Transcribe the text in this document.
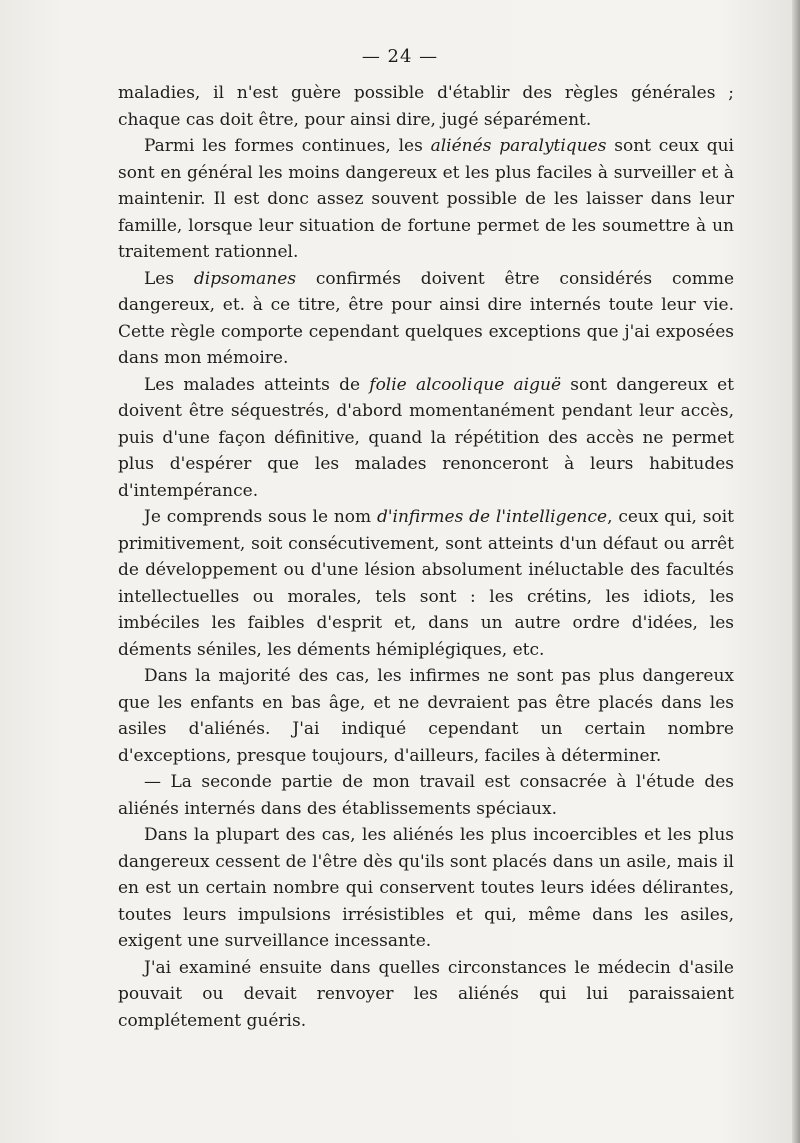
— 24 —

maladies, il n'est guère possible d'établir des règles générales ; chaque cas doit être, pour ainsi dire, jugé séparément.

Parmi les formes continues, les aliénés paralytiques sont ceux qui sont en général les moins dangereux et les plus faciles à surveiller et à maintenir. Il est donc assez souvent possible de les laisser dans leur famille, lorsque leur situation de fortune permet de les soumettre à un traitement rationnel.

Les dipsomanes confirmés doivent être considérés comme dangereux, et. à ce titre, être pour ainsi dire internés toute leur vie. Cette règle comporte cependant quelques exceptions que j'ai exposées dans mon mémoire.

Les malades atteints de folie alcoolique aiguë sont dangereux et doivent être séquestrés, d'abord momentanément pendant leur accès, puis d'une façon définitive, quand la répétition des accès ne permet plus d'espérer que les malades renonceront à leurs habitudes d'intempérance.

Je comprends sous le nom d'infirmes de l'intelligence, ceux qui, soit primitivement, soit consécutivement, sont atteints d'un défaut ou arrêt de développement ou d'une lésion absolument inéluctable des facultés intellectuelles ou morales, tels sont : les crétins, les idiots, les imbéciles les faibles d'esprit et, dans un autre ordre d'idées, les déments séniles, les déments hémiplégiques, etc.

Dans la majorité des cas, les infirmes ne sont pas plus dangereux que les enfants en bas âge, et ne devraient pas être placés dans les asiles d'aliénés. J'ai indiqué cependant un certain nombre d'exceptions, presque toujours, d'ailleurs, faciles à déterminer.

— La seconde partie de mon travail est consacrée à l'étude des aliénés internés dans des établissements spéciaux.

Dans la plupart des cas, les aliénés les plus incoercibles et les plus dangereux cessent de l'être dès qu'ils sont placés dans un asile, mais il en est un certain nombre qui conservent toutes leurs idées délirantes, toutes leurs impulsions irrésistibles et qui, même dans les asiles, exigent une surveillance incessante.

J'ai examiné ensuite dans quelles circonstances le médecin d'asile pouvait ou devait renvoyer les aliénés qui lui paraissaient complétement guéris.
